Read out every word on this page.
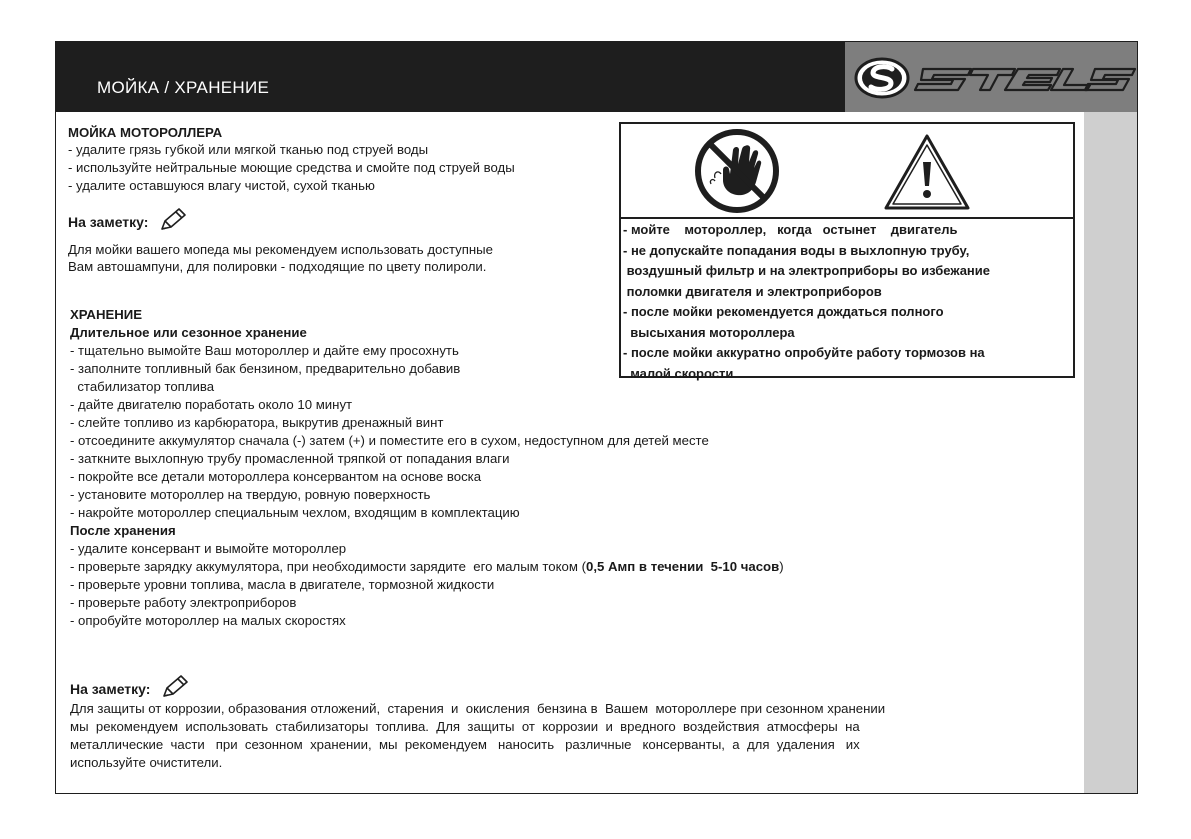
МОЙКА / ХРАНЕНИЕ
МОЙКА МОТОРОЛЛЕРА
- удалите грязь губкой или мягкой тканью под струей воды
- используйте нейтральные моющие средства и смойте под струей воды
- удалите оставшуюся влагу чистой, сухой тканью
На заметку:
Для мойки вашего мопеда мы рекомендуем использовать доступные
Вам автошампуни, для полировки - подходящие по цвету полироли.
- мойте    мотороллер,   когда   остынет    двигатель
- не допускайте попадания воды в выхлопную трубу,
воздушный фильтр и на электроприборы во избежание
поломки двигателя и электроприборов
- после мойки рекомендуется дождаться полного
высыхания мотороллера
- после мойки аккуратно опробуйте работу тормозов на
малой скорости
ХРАНЕНИЕ
Длительное или сезонное хранение
- тщательно вымойте Ваш мотороллер и дайте ему просохнуть
- заполните топливный бак бензином, предварительно добавив
стабилизатор топлива
- дайте двигателю поработать около 10 минут
- слейте топливо из карбюратора, выкрутив дренажный винт
- отсоедините аккумулятор сначала (-) затем (+) и поместите его в сухом, недоступном для детей месте
- заткните выхлопную трубу промасленной тряпкой от попадания влаги
- покройте все детали мотороллера консервантом на основе воска
- установите мотороллер на твердую, ровную поверхность
- накройте мотороллер специальным чехлом, входящим в комплектацию
После хранения
- удалите консервант и вымойте мотороллер
- проверьте зарядку аккумулятора, при необходимости зарядите  его малым током (0,5 Амп в течении  5-10 часов)
- проверьте уровни топлива, масла в двигателе, тормозной жидкости
- проверьте работу электроприборов
- опробуйте мотороллер на малых скоростях
На заметку:
Для защиты от коррозии, образования отложений,  старения  и  окисления  бензина в  Вашем  мотороллере при сезонном хранении
мы  рекомендуем  использовать  стабилизаторы  топлива.  Для  защиты  от  коррозии  и  вредного  воздействия  атмосферы  на
металлические  части   при  сезонном  хранении,  мы  рекомендуем   наносить   различные   консерванты,  а  для  удаления   их
используйте очистители.
